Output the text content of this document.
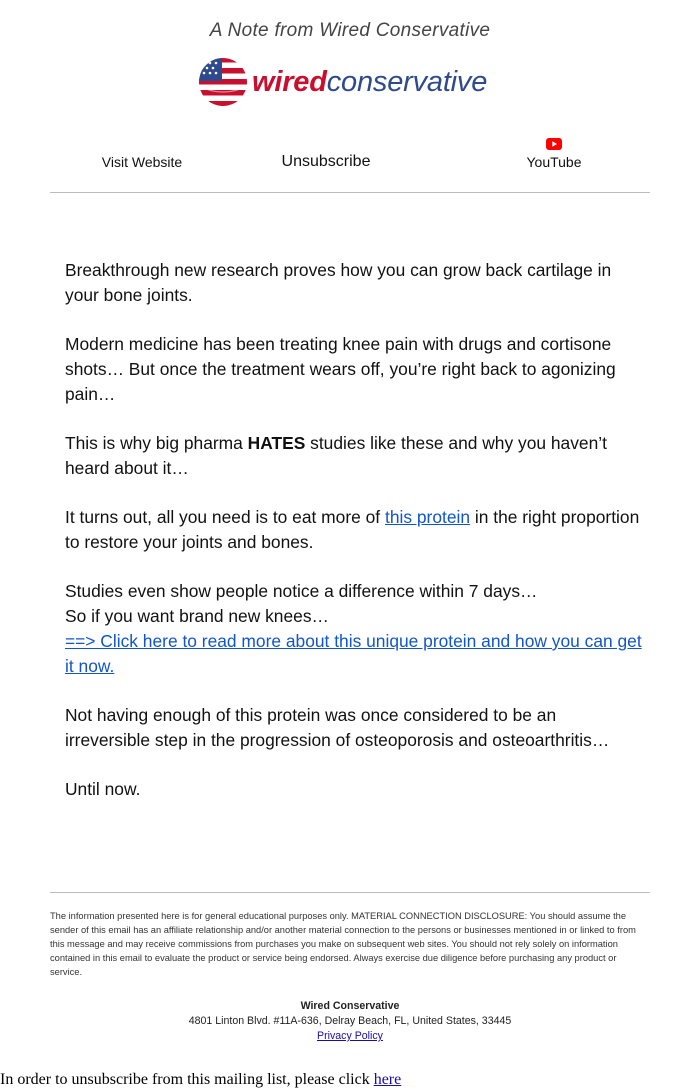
A Note from Wired Conservative
wiredconservative
Visit Website	Unsubscribe	YouTube

Breakthrough new research proves how you can grow back cartilage in your bone joints.

Modern medicine has been treating knee pain with drugs and cortisone shots… But once the treatment wears off, you’re right back to agonizing pain…

This is why big pharma HATES studies like these and why you haven’t heard about it…

It turns out, all you need is to eat more of this protein in the right proportion to restore your joints and bones.

Studies even show people notice a difference within 7 days…
So if you want brand new knees…
==> Click here to read more about this unique protein and how you can get it now.

Not having enough of this protein was once considered to be an irreversible step in the progression of osteoporosis and osteoarthritis…

Until now.

The information presented here is for general educational purposes only. MATERIAL CONNECTION DISCLOSURE: You should assume the sender of this email has an affiliate relationship and/or another material connection to the persons or businesses mentioned in or linked to from this message and may receive commissions from purchases you make on subsequent web sites. You should not rely solely on information contained in this email to evaluate the product or service being endorsed. Always exercise due diligence before purchasing any product or service.
Wired Conservative
4801 Linton Blvd. #11A-636, Delray Beach, FL, United States, 33445
Privacy Policy
In order to unsubscribe from this mailing list, please click here
